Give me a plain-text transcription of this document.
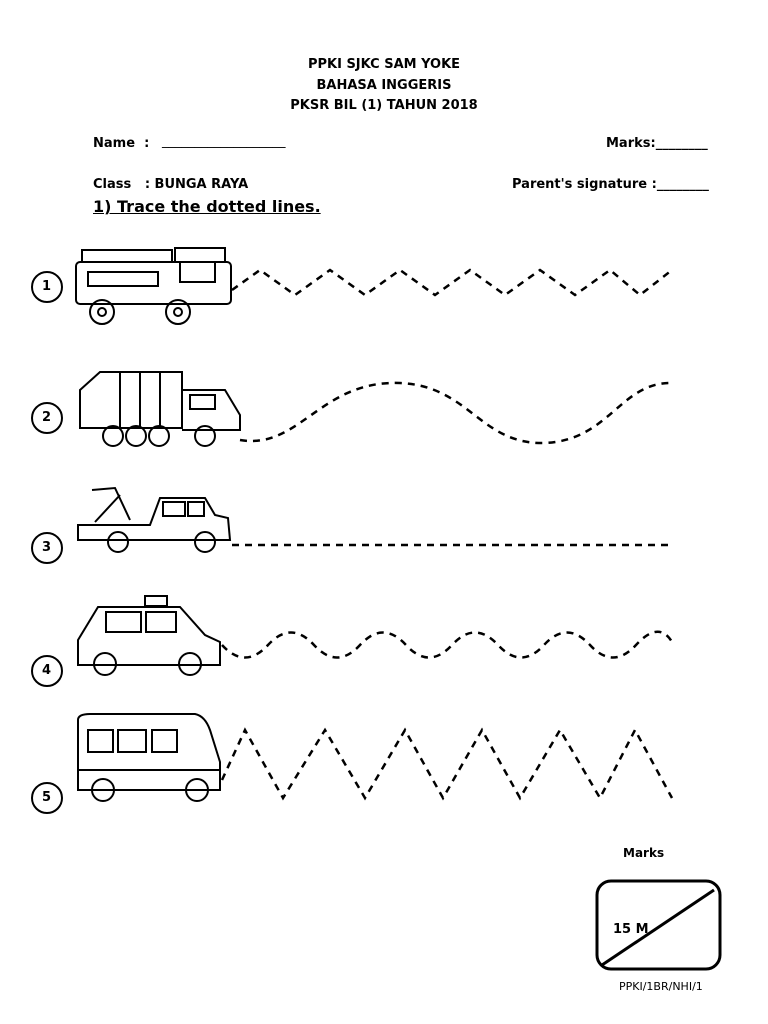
PPKI SJKC SAM YOKE
BAHASA INGGERIS
PKSR BIL (1) TAHUN 2018
Name  : ___________________	Marks:________
Class   : BUNGA RAYA	Parent's signature :________
1) Trace the dotted lines.
1
2
3
4
5
Marks
15 M
PPKI/1BR/NHI/1
